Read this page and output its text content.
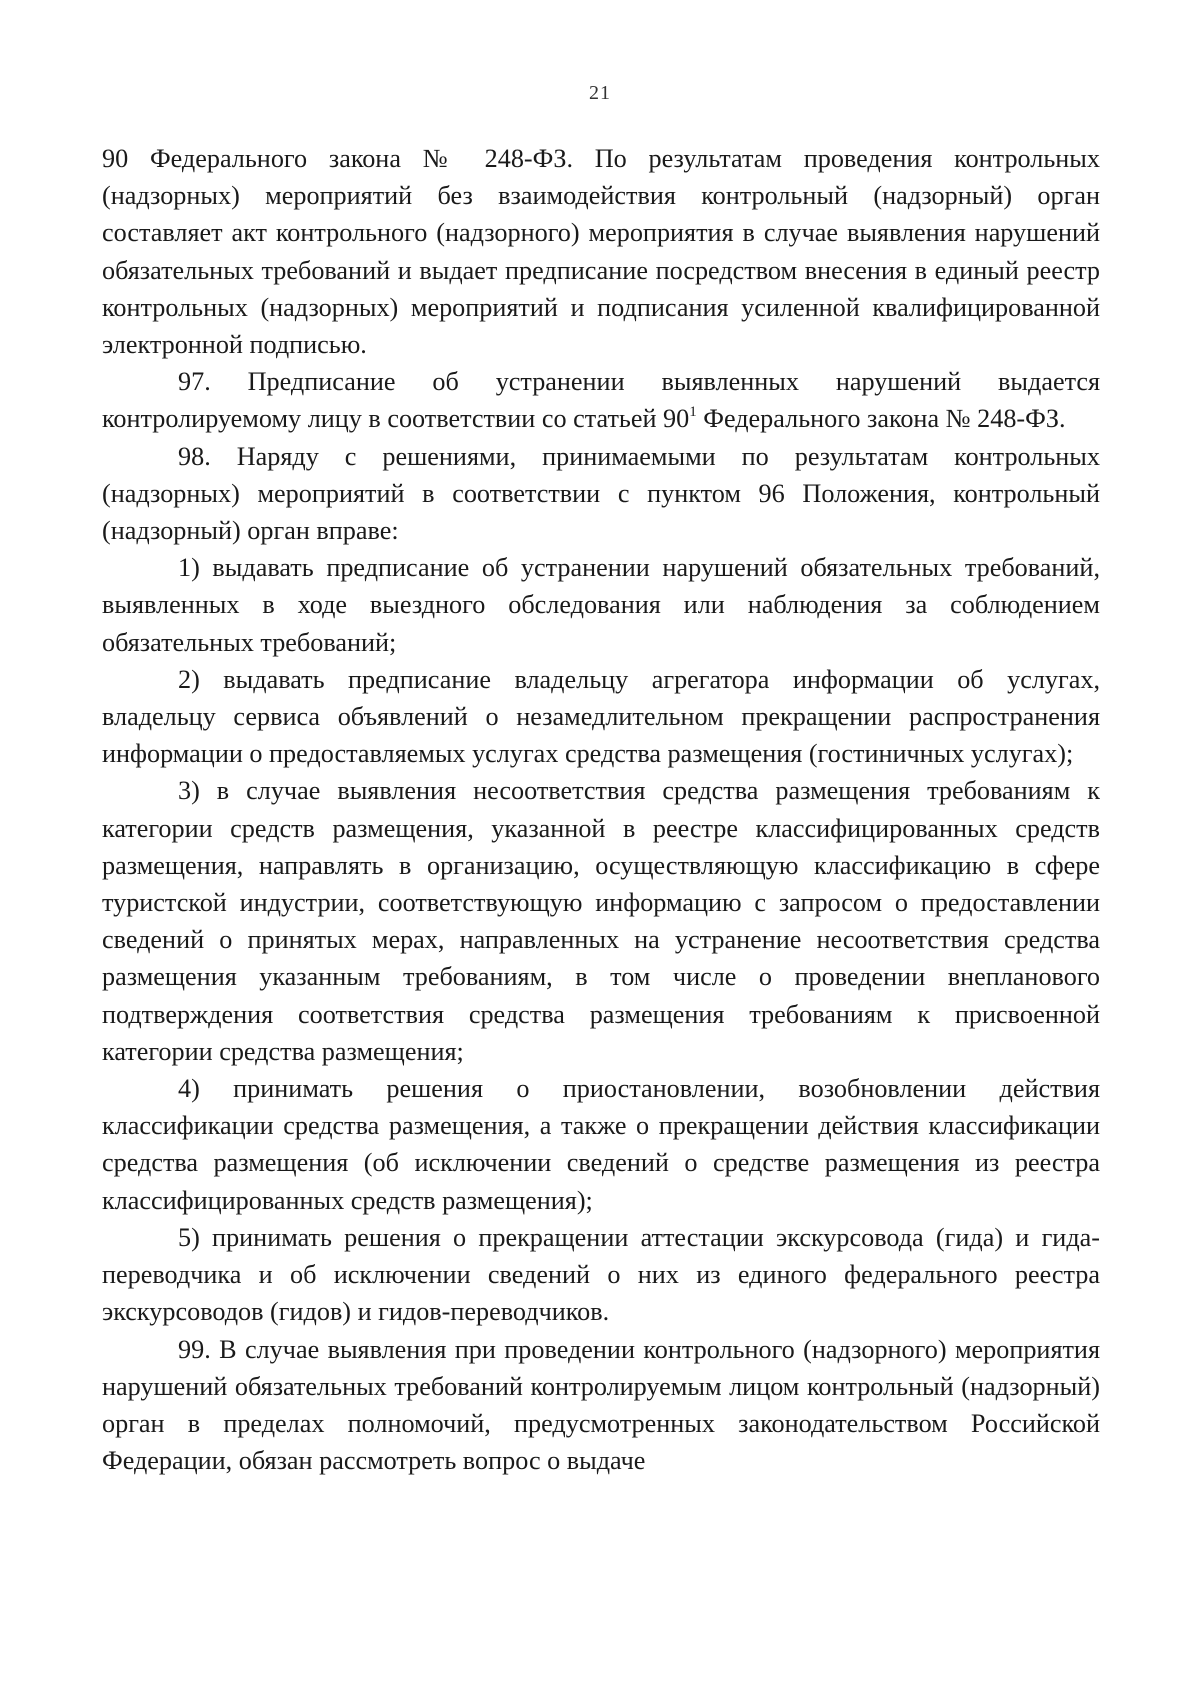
21

90 Федерального закона № 248-ФЗ. По результатам проведения контрольных (надзорных) мероприятий без взаимодействия контрольный (надзорный) орган составляет акт контрольного (надзорного) мероприятия в случае выявления нарушений обязательных требований и выдает предписание посредством внесения в единый реестр контрольных (надзорных) мероприятий и подписания усиленной квалифицированной электронной подписью.

97. Предписание об устранении выявленных нарушений выдается контролируемому лицу в соответствии со статьей $90^1$ Федерального закона № 248-ФЗ.

98. Наряду с решениями, принимаемыми по результатам контрольных (надзорных) мероприятий в соответствии с пунктом 96 Положения, контрольный (надзорный) орган вправе:

1) выдавать предписание об устранении нарушений обязательных требований, выявленных в ходе выездного обследования или наблюдения за соблюдением обязательных требований;

2) выдавать предписание владельцу агрегатора информации об услугах, владельцу сервиса объявлений о незамедлительном прекращении распространения информации о предоставляемых услугах средства размещения (гостиничных услугах);

3) в случае выявления несоответствия средства размещения требованиям к категории средств размещения, указанной в реестре классифицированных средств размещения, направлять в организацию, осуществляющую классификацию в сфере туристской индустрии, соответствующую информацию с запросом о предоставлении сведений о принятых мерах, направленных на устранение несоответствия средства размещения указанным требованиям, в том числе о проведении внепланового подтверждения соответствия средства размещения требованиям к присвоенной категории средства размещения;

4) принимать решения о приостановлении, возобновлении действия классификации средства размещения, а также о прекращении действия классификации средства размещения (об исключении сведений о средстве размещения из реестра классифицированных средств размещения);

5) принимать решения о прекращении аттестации экскурсовода (гида) и гида-переводчика и об исключении сведений о них из единого федерального реестра экскурсоводов (гидов) и гидов-переводчиков.

99. В случае выявления при проведении контрольного (надзорного) мероприятия нарушений обязательных требований контролируемым лицом контрольный (надзорный) орган в пределах полномочий, предусмотренных законодательством Российской Федерации, обязан рассмотреть вопрос о выдаче
